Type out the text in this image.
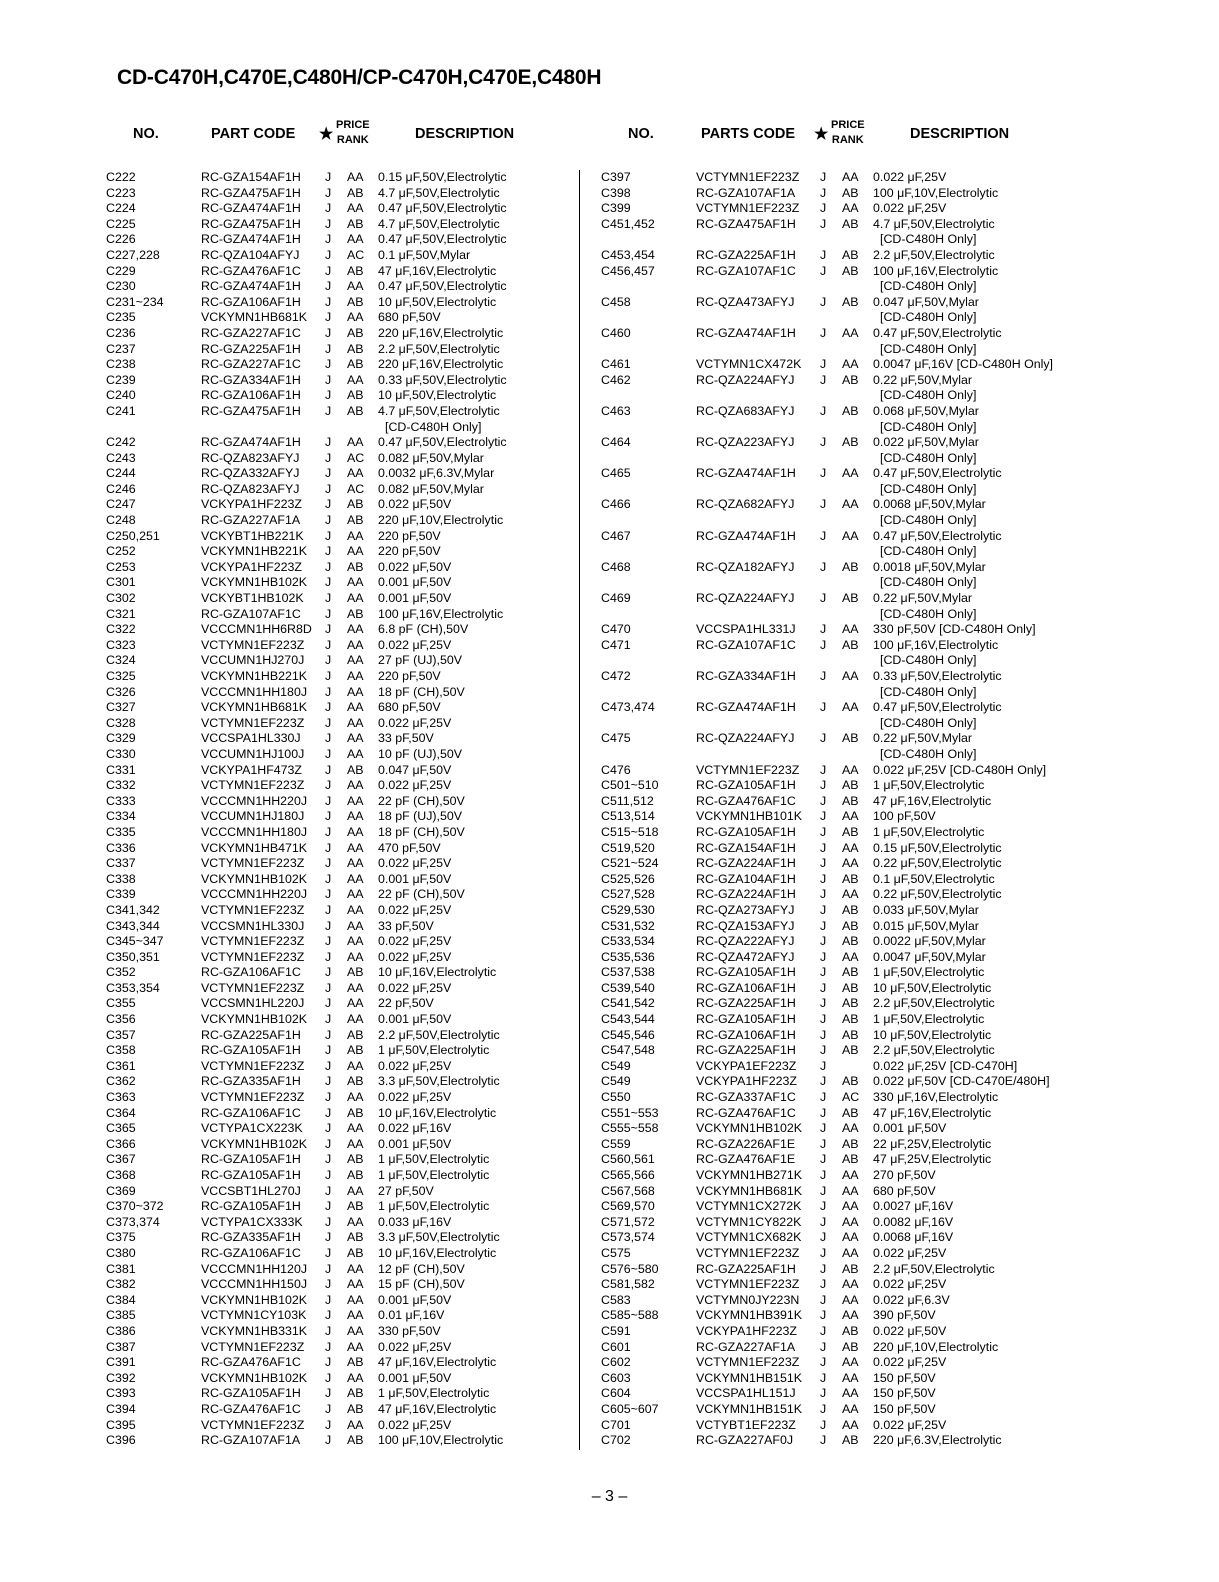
CD-C470H,C470E,C480H/CP-C470H,C470E,C480H
NO.	PART CODE ★
PRICE
RANK	DESCRIPTION
C222	RC-GZA154AF1H J AA 0.15 μF,50V,Electrolytic
C223	RC-GZA475AF1H J AB 4.7 μF,50V,Electrolytic
C224	RC-GZA474AF1H J AA 0.47 μF,50V,Electrolytic
C225	RC-GZA475AF1H J AB 4.7 μF,50V,Electrolytic
C226	RC-GZA474AF1H J AA 0.47 μF,50V,Electrolytic
C227,228	RC-QZA104AFYJ J AC 0.1 μF,50V,Mylar
C229	RC-GZA476AF1C J AB 47 μF,16V,Electrolytic
C230	RC-GZA474AF1H J AA 0.47 μF,50V,Electrolytic
C231~234	RC-GZA106AF1H J AB 10 μF,50V,Electrolytic
C235	VCKYMN1HB681K J AA 680 pF,50V
C236	RC-GZA227AF1C J AB 220 μF,16V,Electrolytic
C237	RC-GZA225AF1H J AB 2.2 μF,50V,Electrolytic
C238	RC-GZA227AF1C J AB 220 μF,16V,Electrolytic
C239	RC-GZA334AF1H J AA 0.33 μF,50V,Electrolytic
C240	RC-GZA106AF1H J AB 10 μF,50V,Electrolytic
C241	RC-GZA475AF1H J AB 4.7 μF,50V,Electrolytic
[CD-C480H Only]
C242	RC-GZA474AF1H J AA 0.47 μF,50V,Electrolytic
C243	RC-QZA823AFYJ J AC 0.082 μF,50V,Mylar
C244	RC-QZA332AFYJ J AA 0.0032 μF,6.3V,Mylar
C246	RC-QZA823AFYJ J AC 0.082 μF,50V,Mylar
C247	VCKYPA1HF223Z J AB 0.022 μF,50V
C248	RC-GZA227AF1A J AB 220 μF,10V,Electrolytic
C250,251	VCKYBT1HB221K J AA 220 pF,50V
C252	VCKYMN1HB221K J AA 220 pF,50V
C253	VCKYPA1HF223Z J AB 0.022 μF,50V
C301	VCKYMN1HB102K J AA 0.001 μF,50V
C302	VCKYBT1HB102K J AA 0.001 μF,50V
C321	RC-GZA107AF1C J AB 100 μF,16V,Electrolytic
C322	VCCCMN1HH6R8D J AA 6.8 pF (CH),50V
C323	VCTYMN1EF223Z J AA 0.022 μF,25V
C324	VCCUMN1HJ270J J AA 27 pF (UJ),50V
C325	VCKYMN1HB221K J AA 220 pF,50V
C326	VCCCMN1HH180J J AA 18 pF (CH),50V
C327	VCKYMN1HB681K J AA 680 pF,50V
C328	VCTYMN1EF223Z J AA 0.022 μF,25V
C329	VCCSPA1HL330J J AA 33 pF,50V
C330	VCCUMN1HJ100J J AA 10 pF (UJ),50V
C331	VCKYPA1HF473Z J AB 0.047 μF,50V
C332	VCTYMN1EF223Z J AA 0.022 μF,25V
C333	VCCCMN1HH220J J AA 22 pF (CH),50V
C334	VCCUMN1HJ180J J AA 18 pF (UJ),50V
C335	VCCCMN1HH180J J AA 18 pF (CH),50V
C336	VCKYMN1HB471K J AA 470 pF,50V
C337	VCTYMN1EF223Z J AA 0.022 μF,25V
C338	VCKYMN1HB102K J AA 0.001 μF,50V
C339	VCCCMN1HH220J J AA 22 pF (CH),50V
C341,342	VCTYMN1EF223Z J AA 0.022 μF,25V
C343,344	VCCSMN1HL330J J AA 33 pF,50V
C345~347	VCTYMN1EF223Z J AA 0.022 μF,25V
C350,351	VCTYMN1EF223Z J AA 0.022 μF,25V
C352	RC-GZA106AF1C J AB 10 μF,16V,Electrolytic
C353,354	VCTYMN1EF223Z J AA 0.022 μF,25V
C355	VCCSMN1HL220J J AA 22 pF,50V
C356	VCKYMN1HB102K J AA 0.001 μF,50V
C357	RC-GZA225AF1H J AB 2.2 μF,50V,Electrolytic
C358	RC-GZA105AF1H J AB 1 μF,50V,Electrolytic
C361	VCTYMN1EF223Z J AA 0.022 μF,25V
C362	RC-GZA335AF1H J AB 3.3 μF,50V,Electrolytic
C363	VCTYMN1EF223Z J AA 0.022 μF,25V
C364	RC-GZA106AF1C J AB 10 μF,16V,Electrolytic
C365	VCTYPA1CX223K J AA 0.022 μF,16V
C366	VCKYMN1HB102K J AA 0.001 μF,50V
C367	RC-GZA105AF1H J AB 1 μF,50V,Electrolytic
C368	RC-GZA105AF1H J AB 1 μF,50V,Electrolytic
C369	VCCSBT1HL270J J AA 27 pF,50V
C370~372	RC-GZA105AF1H J AB 1 μF,50V,Electrolytic
C373,374	VCTYPA1CX333K J AA 0.033 μF,16V
C375	RC-GZA335AF1H J AB 3.3 μF,50V,Electrolytic
C380	RC-GZA106AF1C J AB 10 μF,16V,Electrolytic
C381	VCCCMN1HH120J J AA 12 pF (CH),50V
C382	VCCCMN1HH150J J AA 15 pF (CH),50V
C384	VCKYMN1HB102K J AA 0.001 μF,50V
C385	VCTYMN1CY103K J AA 0.01 μF,16V
C386	VCKYMN1HB331K J AA 330 pF,50V
C387	VCTYMN1EF223Z J AA 0.022 μF,25V
C391	RC-GZA476AF1C J AB 47 μF,16V,Electrolytic
C392	VCKYMN1HB102K J AA 0.001 μF,50V
C393	RC-GZA105AF1H J AB 1 μF,50V,Electrolytic
C394	RC-GZA476AF1C J AB 47 μF,16V,Electrolytic
C395	VCTYMN1EF223Z J AA 0.022 μF,25V
C396	RC-GZA107AF1A J AB 100 μF,10V,Electrolytic
NO.	PARTS CODE ★
PRICE
RANK	DESCRIPTION
C397	VCTYMN1EF223Z J AA 0.022 μF,25V
C398	RC-GZA107AF1A J AB 100 μF,10V,Electrolytic
C399	VCTYMN1EF223Z J AA 0.022 μF,25V
C451,452	RC-GZA475AF1H J AB 4.7 μF,50V,Electrolytic
[CD-C480H Only]
C453,454	RC-GZA225AF1H J AB 2.2 μF,50V,Electrolytic
C456,457	RC-GZA107AF1C J AB 100 μF,16V,Electrolytic
[CD-C480H Only]
C458	RC-QZA473AFYJ J AB 0.047 μF,50V,Mylar
[CD-C480H Only]
C460	RC-GZA474AF1H J AA 0.47 μF,50V,Electrolytic
[CD-C480H Only]
C461	VCTYMN1CX472K J AA 0.0047 μF,16V [CD-C480H Only]
C462	RC-QZA224AFYJ J AB 0.22 μF,50V,Mylar
[CD-C480H Only]
C463	RC-QZA683AFYJ J AB 0.068 μF,50V,Mylar
[CD-C480H Only]
C464	RC-QZA223AFYJ J AB 0.022 μF,50V,Mylar
[CD-C480H Only]
C465	RC-GZA474AF1H J AA 0.47 μF,50V,Electrolytic
[CD-C480H Only]
C466	RC-QZA682AFYJ J AA 0.0068 μF,50V,Mylar
[CD-C480H Only]
C467	RC-GZA474AF1H J AA 0.47 μF,50V,Electrolytic
[CD-C480H Only]
C468	RC-QZA182AFYJ J AB 0.0018 μF,50V,Mylar
[CD-C480H Only]
C469	RC-QZA224AFYJ J AB 0.22 μF,50V,Mylar
[CD-C480H Only]
C470	VCCSPA1HL331J J AA 330 pF,50V [CD-C480H Only]
C471	RC-GZA107AF1C J AB 100 μF,16V,Electrolytic
[CD-C480H Only]
C472	RC-GZA334AF1H J AA 0.33 μF,50V,Electrolytic
[CD-C480H Only]
C473,474	RC-GZA474AF1H J AA 0.47 μF,50V,Electrolytic
[CD-C480H Only]
C475	RC-QZA224AFYJ J AB 0.22 μF,50V,Mylar
[CD-C480H Only]
C476	VCTYMN1EF223Z J AA 0.022 μF,25V [CD-C480H Only]
C501~510	RC-GZA105AF1H J AB 1 μF,50V,Electrolytic
C511,512	RC-GZA476AF1C J AB 47 μF,16V,Electrolytic
C513,514	VCKYMN1HB101K J AA 100 pF,50V
C515~518	RC-GZA105AF1H J AB 1 μF,50V,Electrolytic
C519,520	RC-GZA154AF1H J AA 0.15 μF,50V,Electrolytic
C521~524	RC-GZA224AF1H J AA 0.22 μF,50V,Electrolytic
C525,526	RC-GZA104AF1H J AB 0.1 μF,50V,Electrolytic
C527,528	RC-GZA224AF1H J AA 0.22 μF,50V,Electrolytic
C529,530	RC-QZA273AFYJ J AB 0.033 μF,50V,Mylar
C531,532	RC-QZA153AFYJ J AB 0.015 μF,50V,Mylar
C533,534	RC-QZA222AFYJ J AB 0.0022 μF,50V,Mylar
C535,536	RC-QZA472AFYJ J AA 0.0047 μF,50V,Mylar
C537,538	RC-GZA105AF1H J AB 1 μF,50V,Electrolytic
C539,540	RC-GZA106AF1H J AB 10 μF,50V,Electrolytic
C541,542	RC-GZA225AF1H J AB 2.2 μF,50V,Electrolytic
C543,544	RC-GZA105AF1H J AB 1 μF,50V,Electrolytic
C545,546	RC-GZA106AF1H J AB 10 μF,50V,Electrolytic
C547,548	RC-GZA225AF1H J AB 2.2 μF,50V,Electrolytic
C549	VCKYPA1EF223Z J	0.022 μF,25V [CD-C470H]
C549	VCKYPA1HF223Z J AB 0.022 μF,50V [CD-C470E/480H]
C550	RC-GZA337AF1C J AC 330 μF,16V,Electrolytic
C551~553	RC-GZA476AF1C J AB 47 μF,16V,Electrolytic
C555~558	VCKYMN1HB102K J AA 0.001 μF,50V
C559	RC-GZA226AF1E J AB 22 μF,25V,Electrolytic
C560,561	RC-GZA476AF1E J AB 47 μF,25V,Electrolytic
C565,566	VCKYMN1HB271K J AA 270 pF,50V
C567,568	VCKYMN1HB681K J AA 680 pF,50V
C569,570	VCTYMN1CX272K J AA 0.0027 μF,16V
C571,572	VCTYMN1CY822K J AA 0.0082 μF,16V
C573,574	VCTYMN1CX682K J AA 0.0068 μF,16V
C575	VCTYMN1EF223Z J AA 0.022 μF,25V
C576~580	RC-GZA225AF1H J AB 2.2 μF,50V,Electrolytic
C581,582	VCTYMN1EF223Z J AA 0.022 μF,25V
C583	VCTYMN0JY223N J AA 0.022 μF,6.3V
C585~588	VCKYMN1HB391K J AA 390 pF,50V
C591	VCKYPA1HF223Z J AB 0.022 μF,50V
C601	RC-GZA227AF1A J AB 220 μF,10V,Electrolytic
C602	VCTYMN1EF223Z J AA 0.022 μF,25V
C603	VCKYMN1HB151K J AA 150 pF,50V
C604	VCCSPA1HL151J J AA 150 pF,50V
C605~607	VCKYMN1HB151K J AA 150 pF,50V
C701	VCTYBT1EF223Z J AA 0.022 μF,25V
C702	RC-GZA227AF0J J AB 220 μF,6.3V,Electrolytic
– 3 –
